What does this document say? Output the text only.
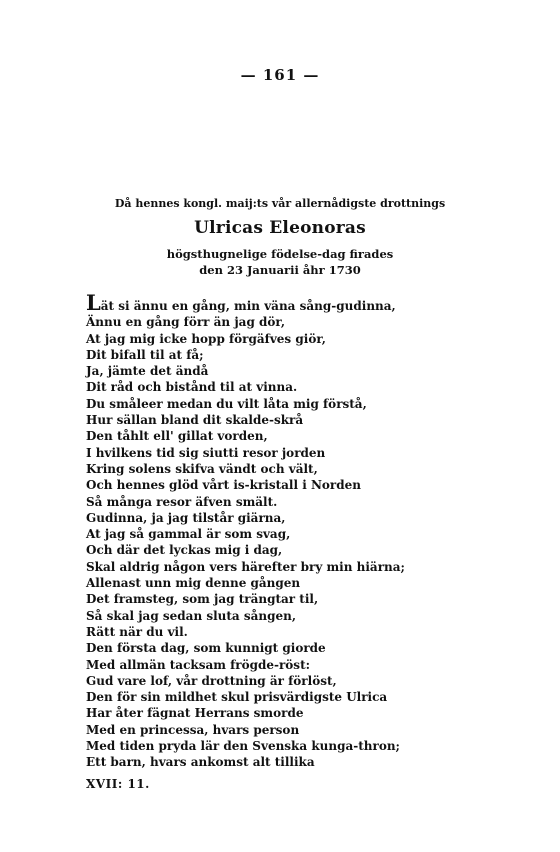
— 161 —
Då hennes kongl. maij:ts vår allernådigste drottnings
Ulricas Eleonoras
högsthugnelige födelse-dag firades
den 23 Januarii åhr 1730
Lät si ännu en gång, min väna sång-gudinna,
Ännu en gång förr än jag dör,
At jag mig icke hopp förgäfves giör,
Dit bifall til at få;
Ja, jämte det ändå
Dit råd och bistånd til at vinna.
Du småleer medan du vilt låta mig förstå,
Hur sällan bland dit skalde-skrå
Den tåhlt ell' gillat vorden,
I hvilkens tid sig siutti resor jorden
Kring solens skifva vändt och vält,
Och hennes glöd vårt is-kristall i Norden
Så många resor äfven smält.
Gudinna, ja jag tilstår giärna,
At jag så gammal är som svag,
Och där det lyckas mig i dag,
Skal aldrig någon vers härefter bry min hiärna;
Allenast unn mig denne gången
Det framsteg, som jag trängtar til,
Så skal jag sedan sluta sången,
Rätt när du vil.
Den första dag, som kunnigt giorde
Med allmän tacksam frögde-röst:
Gud vare lof, vår drottning är förlöst,
Den för sin mildhet skul prisvärdigste Ulrica
Har åter fägnat Herrans smorde
Med en princessa, hvars person
Med tiden pryda lär den Svenska kunga-thron;
Ett barn, hvars ankomst alt tillika
XVII: 11.
